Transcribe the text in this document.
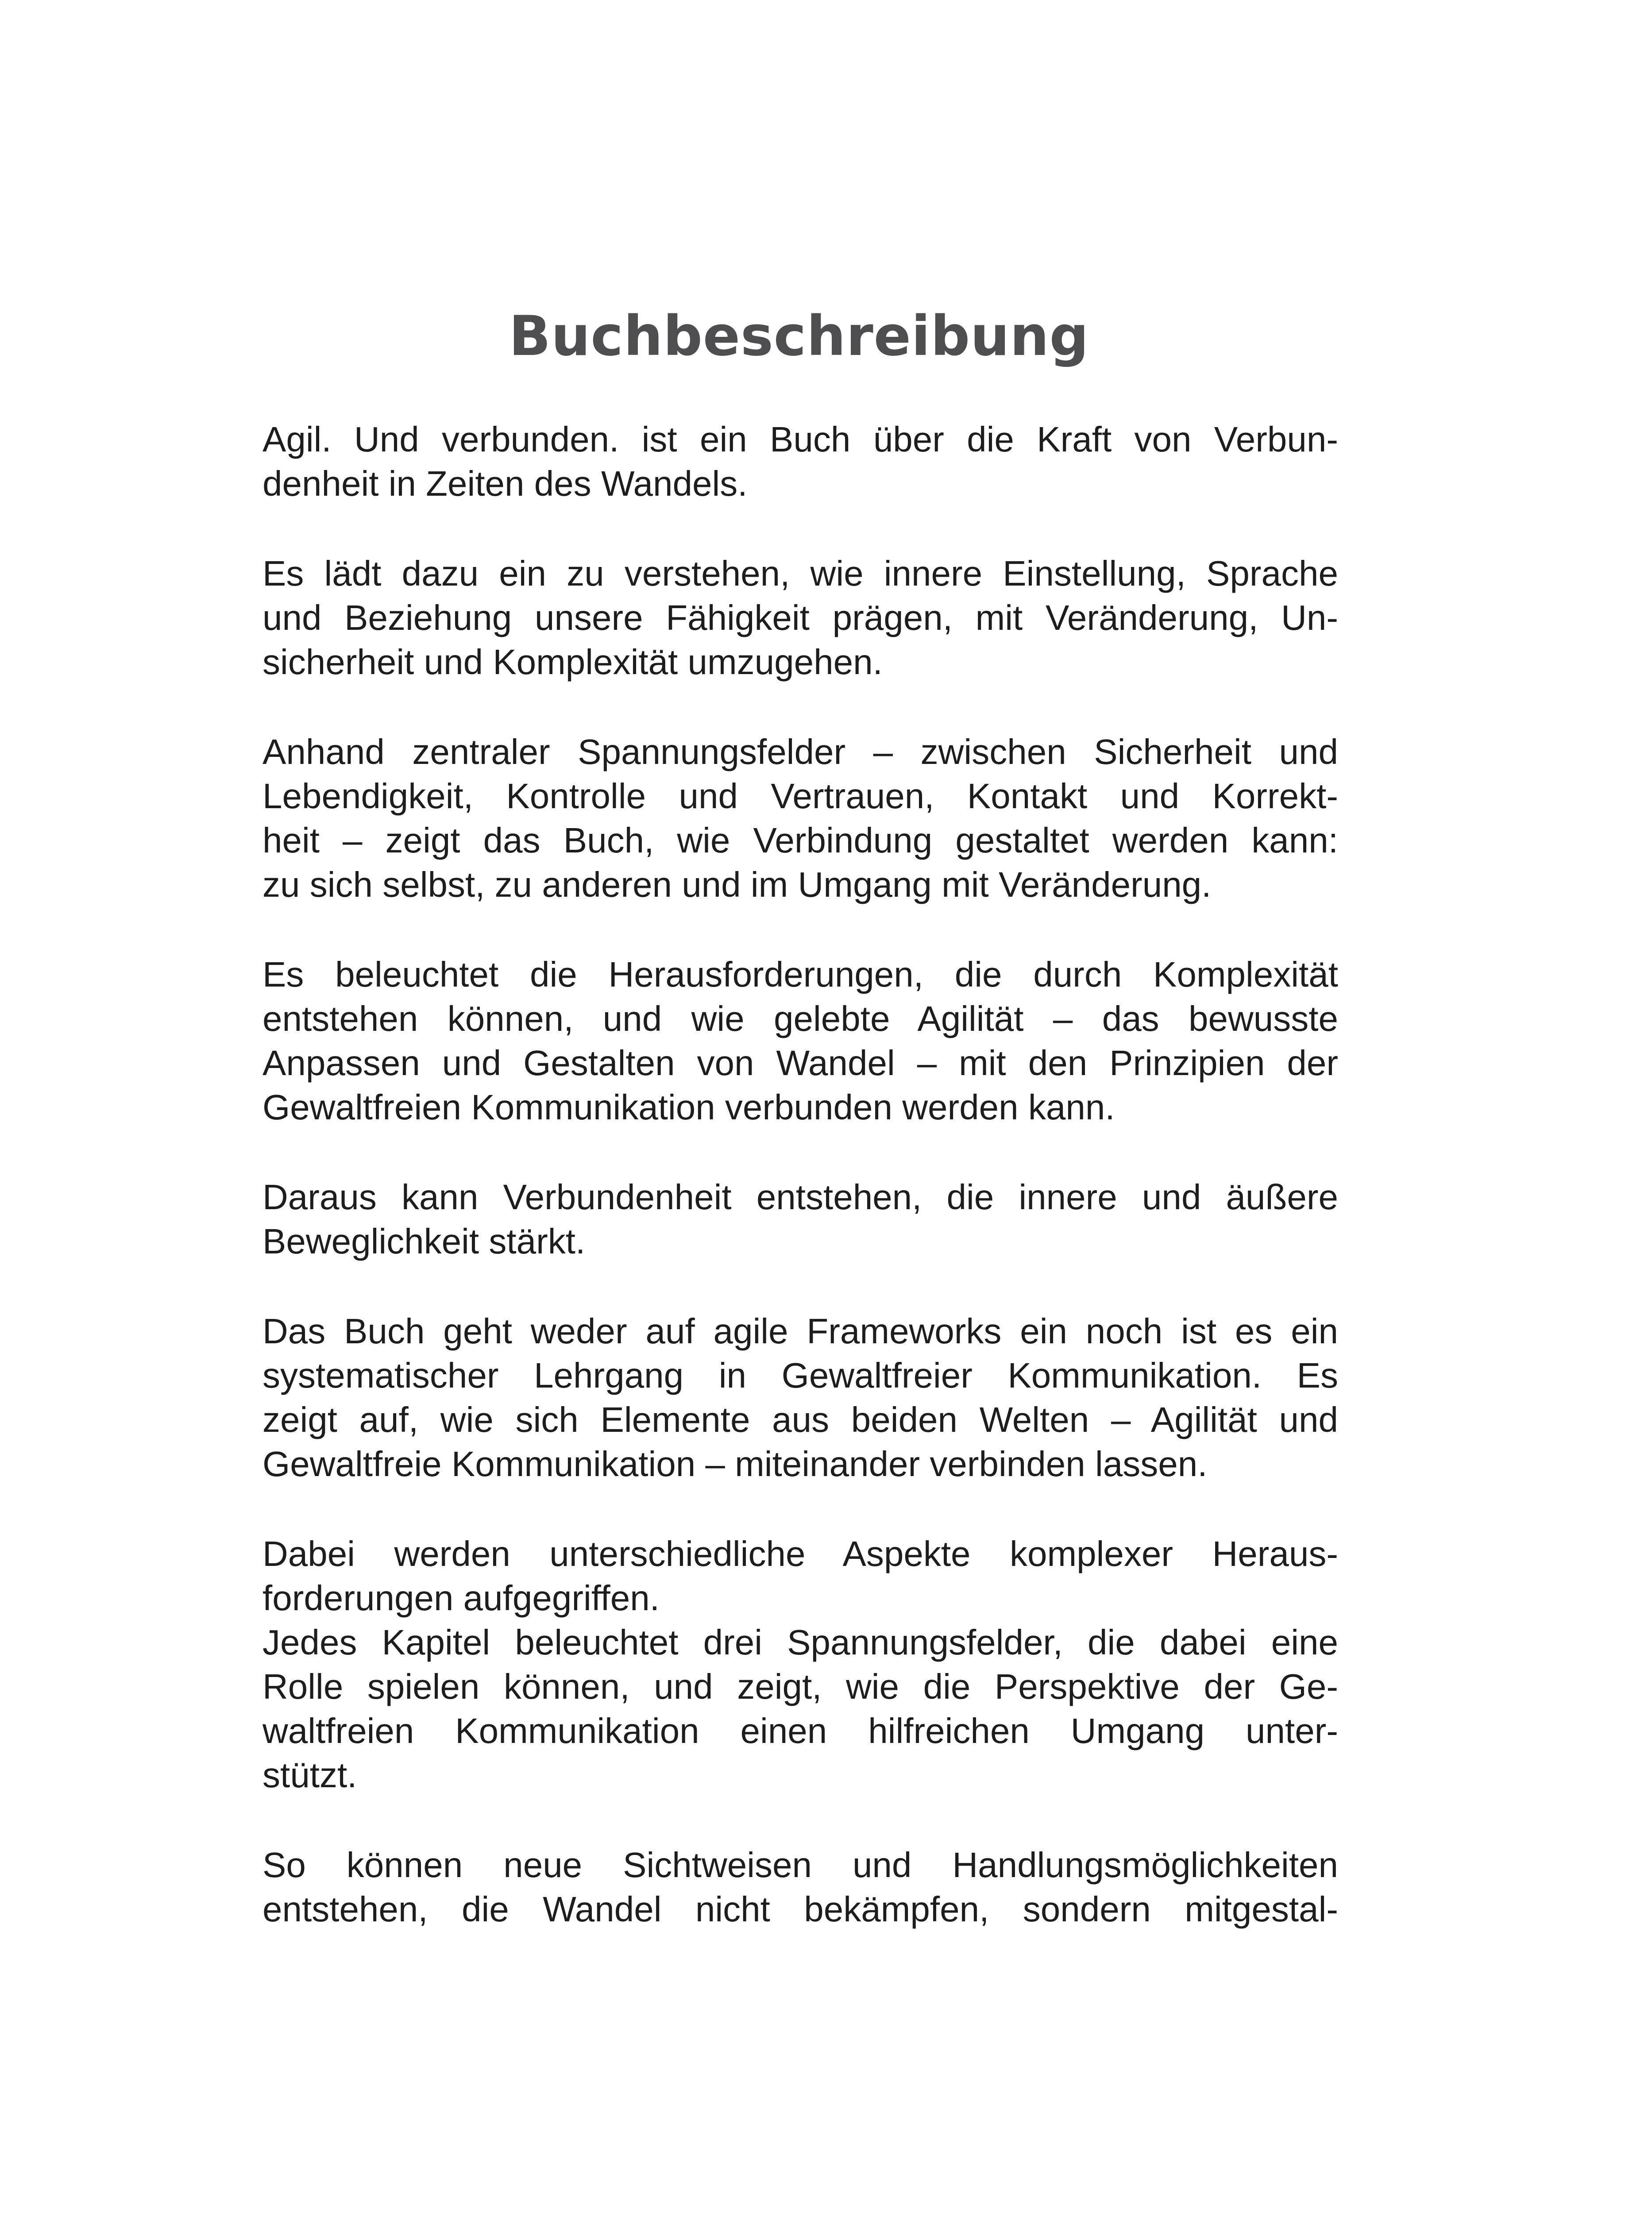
Buchbeschreibung
Agil. Und verbunden. ist ein Buch über die Kraft von Verbun-
denheit in Zeiten des Wandels.
Es lädt dazu ein zu verstehen, wie innere Einstellung, Sprache
und Beziehung unsere Fähigkeit prägen, mit Veränderung, Un-
sicherheit und Komplexität umzugehen.
Anhand zentraler Spannungsfelder – zwischen Sicherheit und
Lebendigkeit, Kontrolle und Vertrauen, Kontakt und Korrekt-
heit – zeigt das Buch, wie Verbindung gestaltet werden kann:
zu sich selbst, zu anderen und im Umgang mit Veränderung.
Es beleuchtet die Herausforderungen, die durch Komplexität
entstehen können, und wie gelebte Agilität – das bewusste
Anpassen und Gestalten von Wandel – mit den Prinzipien der
Gewaltfreien Kommunikation verbunden werden kann.
Daraus kann Verbundenheit entstehen, die innere und äußere
Beweglichkeit stärkt.
Das Buch geht weder auf agile Frameworks ein noch ist es ein
systematischer Lehrgang in Gewaltfreier Kommunikation. Es
zeigt auf, wie sich Elemente aus beiden Welten – Agilität und
Gewaltfreie Kommunikation – miteinander verbinden lassen.
Dabei werden unterschiedliche Aspekte komplexer Heraus-
forderungen aufgegriffen.
Jedes Kapitel beleuchtet drei Spannungsfelder, die dabei eine
Rolle spielen können, und zeigt, wie die Perspektive der Ge-
waltfreien Kommunikation einen hilfreichen Umgang unter-
stützt.
So können neue Sichtweisen und Handlungsmöglichkeiten
entstehen, die Wandel nicht bekämpfen, sondern mitgestal-
